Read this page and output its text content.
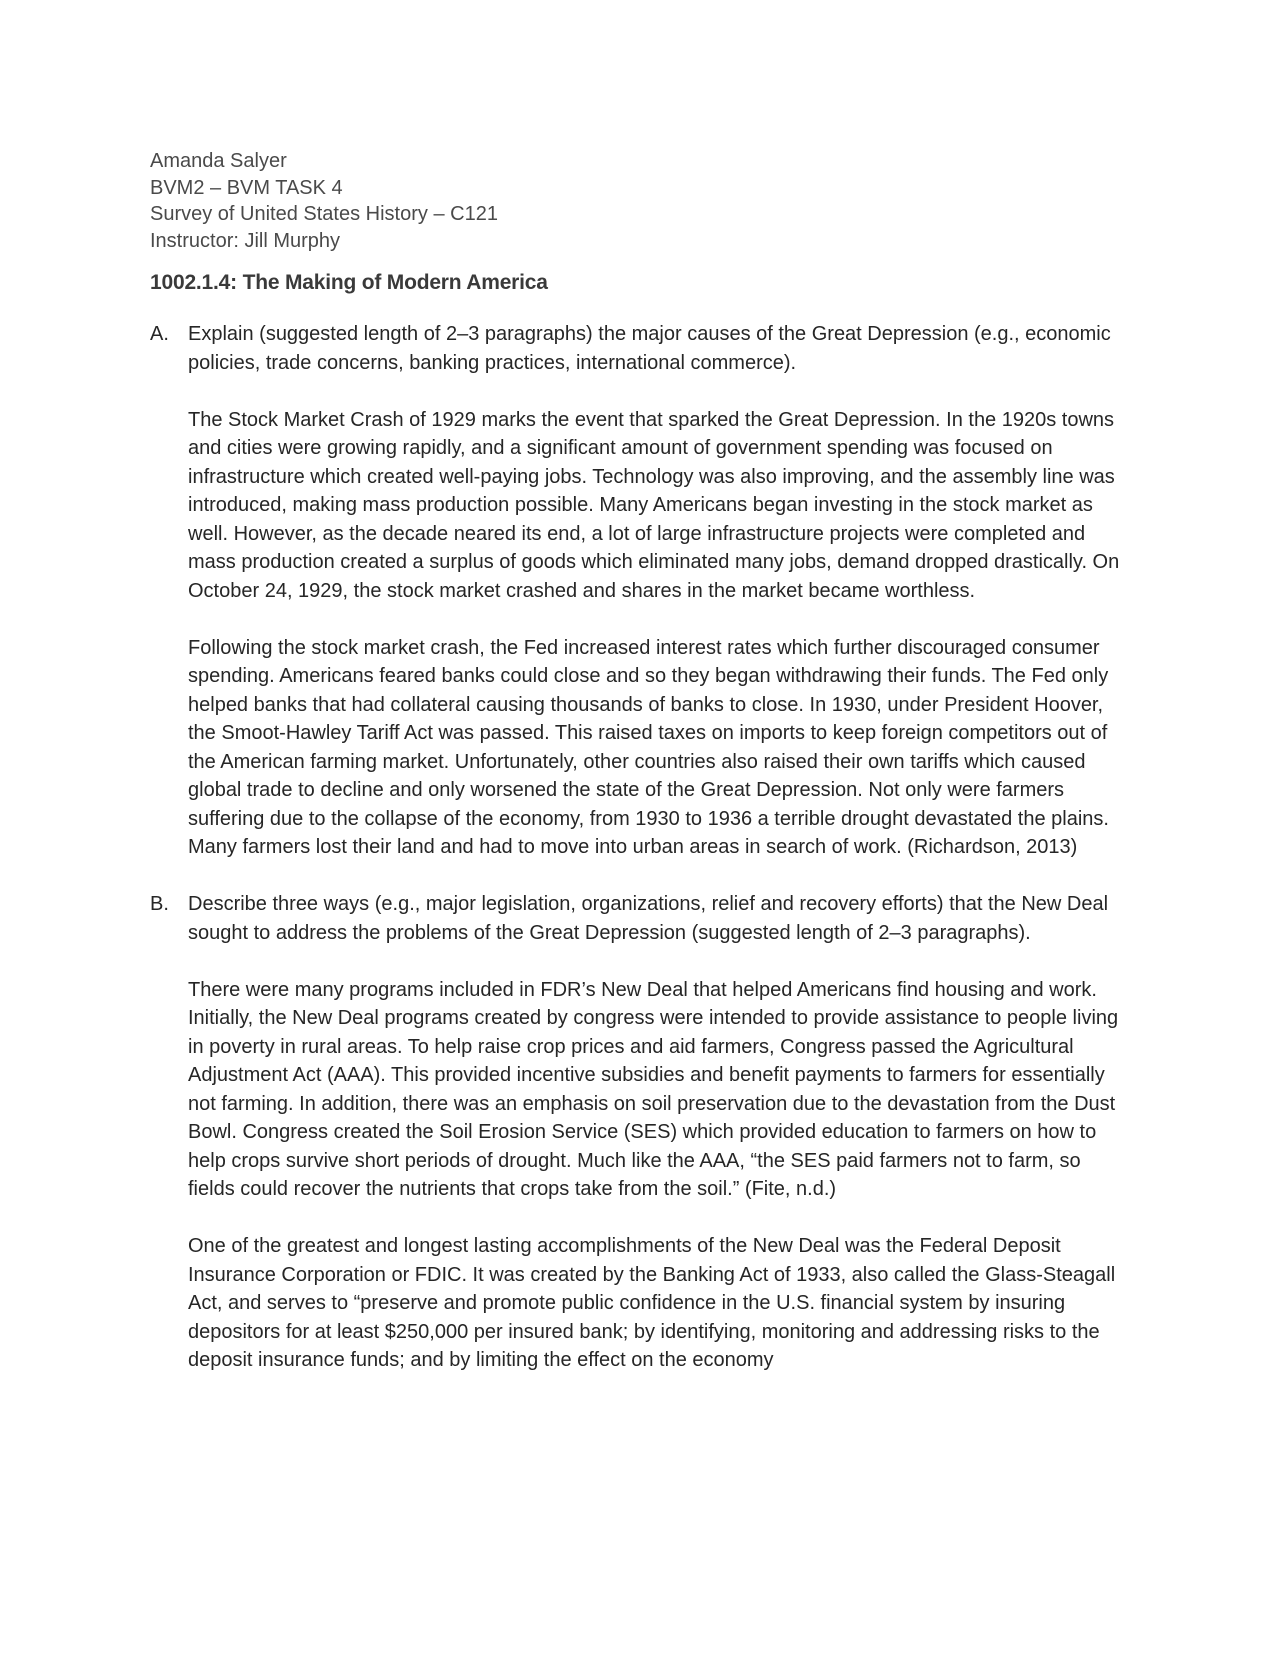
Amanda Salyer
BVM2 – BVM TASK 4
Survey of United States History – C121
Instructor: Jill Murphy
1002.1.4: The Making of Modern America
A. Explain (suggested length of 2–3 paragraphs) the major causes of the Great Depression (e.g., economic policies, trade concerns, banking practices, international commerce).

The Stock Market Crash of 1929 marks the event that sparked the Great Depression. In the 1920s towns and cities were growing rapidly, and a significant amount of government spending was focused on infrastructure which created well-paying jobs. Technology was also improving, and the assembly line was introduced, making mass production possible. Many Americans began investing in the stock market as well. However, as the decade neared its end, a lot of large infrastructure projects were completed and mass production created a surplus of goods which eliminated many jobs, demand dropped drastically. On October 24, 1929, the stock market crashed and shares in the market became worthless.

Following the stock market crash, the Fed increased interest rates which further discouraged consumer spending. Americans feared banks could close and so they began withdrawing their funds. The Fed only helped banks that had collateral causing thousands of banks to close. In 1930, under President Hoover, the Smoot-Hawley Tariff Act was passed. This raised taxes on imports to keep foreign competitors out of the American farming market. Unfortunately, other countries also raised their own tariffs which caused global trade to decline and only worsened the state of the Great Depression. Not only were farmers suffering due to the collapse of the economy, from 1930 to 1936 a terrible drought devastated the plains. Many farmers lost their land and had to move into urban areas in search of work. (Richardson, 2013)

B. Describe three ways (e.g., major legislation, organizations, relief and recovery efforts) that the New Deal sought to address the problems of the Great Depression (suggested length of 2–3 paragraphs).

There were many programs included in FDR’s New Deal that helped Americans find housing and work. Initially, the New Deal programs created by congress were intended to provide assistance to people living in poverty in rural areas. To help raise crop prices and aid farmers, Congress passed the Agricultural Adjustment Act (AAA). This provided incentive subsidies and benefit payments to farmers for essentially not farming. In addition, there was an emphasis on soil preservation due to the devastation from the Dust Bowl. Congress created the Soil Erosion Service (SES) which provided education to farmers on how to help crops survive short periods of drought. Much like the AAA, “the SES paid farmers not to farm, so fields could recover the nutrients that crops take from the soil.” (Fite, n.d.)

One of the greatest and longest lasting accomplishments of the New Deal was the Federal Deposit Insurance Corporation or FDIC. It was created by the Banking Act of 1933, also called the Glass-Steagall Act, and serves to “preserve and promote public confidence in the U.S. financial system by insuring depositors for at least $250,000 per insured bank; by identifying, monitoring and addressing risks to the deposit insurance funds; and by limiting the effect on the economy
